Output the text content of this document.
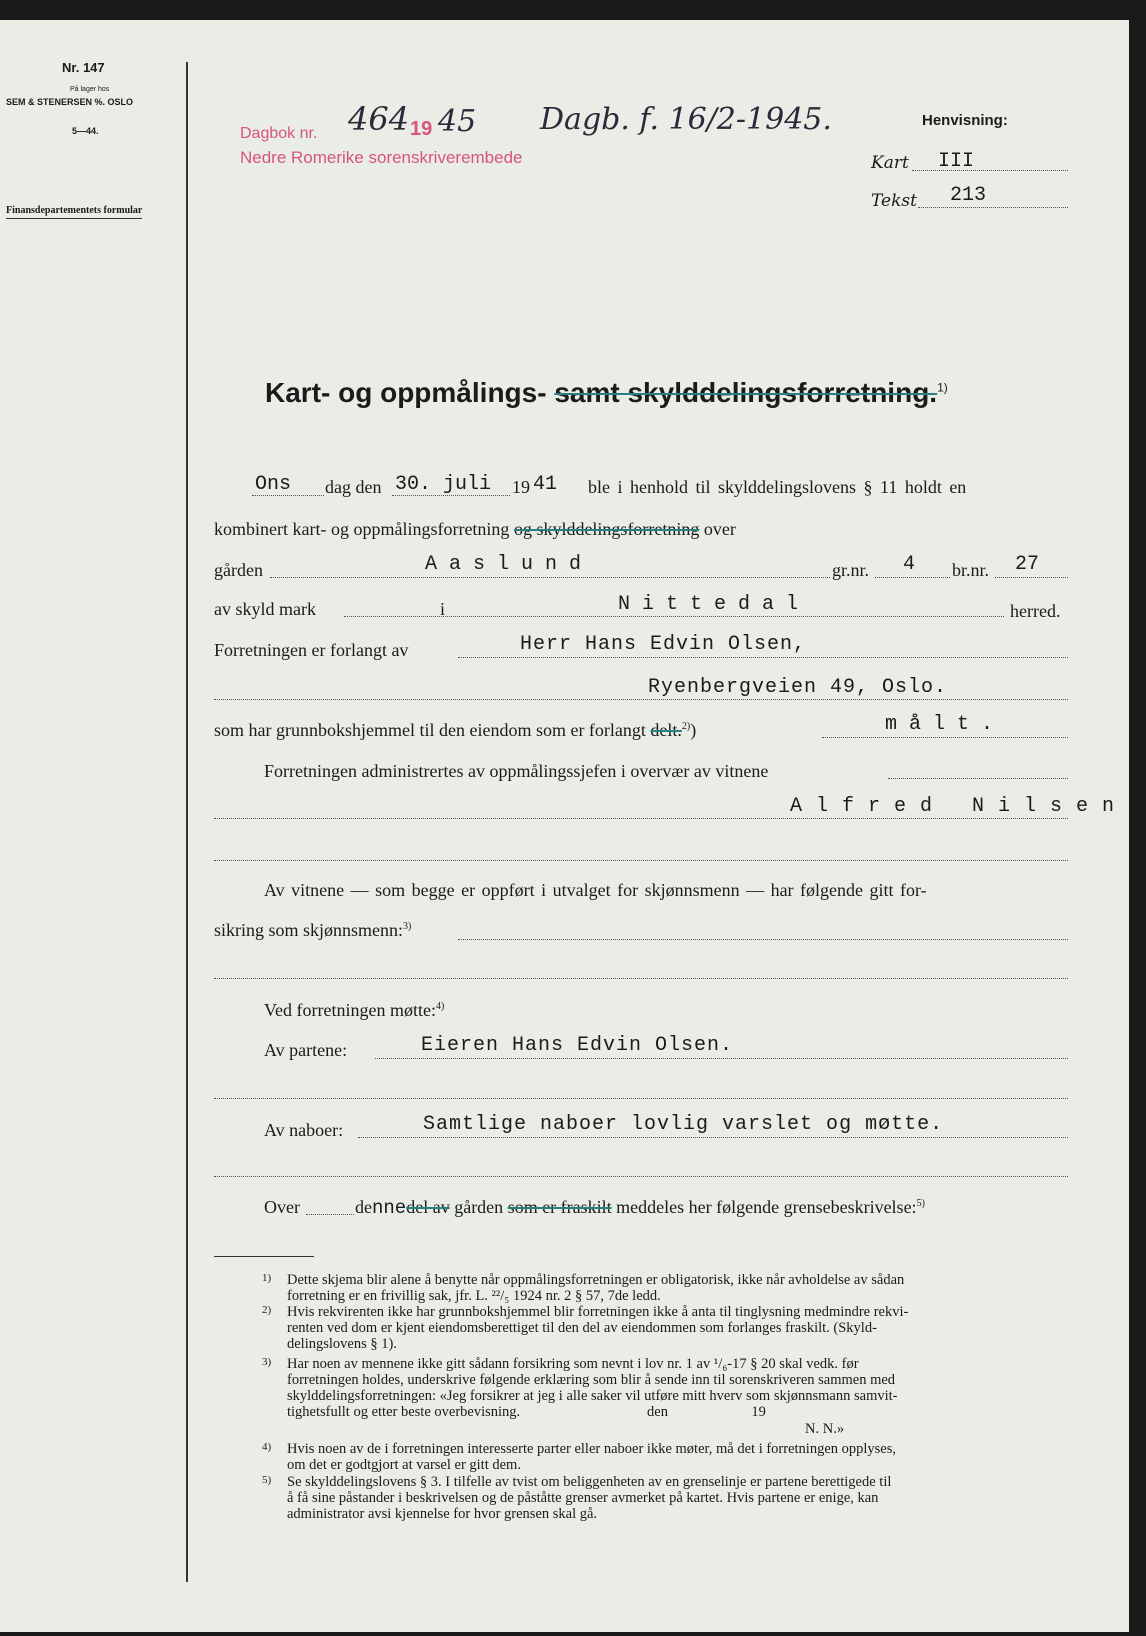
Nr. 147
På lager hos
SEM & STENERSEN %. OSLO
5—44.
Finansdepartementets formular
Dagbok nr. 464 19 45
Nedre Romerike sorenskriverembede
Dagb. f. 16/2-1945.	Henvisning:
Kart III
Tekst 213
Kart- og oppmålings- samt skylddelingsforretning.$^{1)}$
Ons dag den 30. juli 19 41 ble i henhold til skylddelingslovens § 11 holdt en
kombinert kart- og oppmålingsforretning og skylddelingsforretning over
gården	Aaslund	gr.nr. 4 br.nr. 27
av skyld mark	i	Nittedal	herred.
Forretningen er forlangt av	Herr Hans Edvin Olsen,
Ryenbergveien 49, Oslo.
som har grunnbokshjemmel til den eiendom som er forlangt delt.$^{2)}$)	målt.
Forretningen administrertes av oppmålingssjefen i overvær av vitnene
Alfred Nilsen
Av vitnene — som begge er oppført i utvalget for skjønnsmenn — har følgende gitt for-
sikring som skjønnsmenn:$^{3)}$
Ved forretningen møtte:$^{4)}$
Av partene:	Eieren Hans Edvin Olsen.
Av naboer:	Samtlige naboer lovlig varslet og møtte.
Over	dennedel av gården som er fraskilt meddeles her følgende grensebeskrivelse:$^{5)}$
1) Dette skjema blir alene å benytte når oppmålingsforretningen er obligatorisk, ikke når avholdelse av sådan
forretning er en frivillig sak, jfr. L. ²²/₅ 1924 nr. 2 § 57, 7de ledd.
2) Hvis rekvirenten ikke har grunnbokshjemmel blir forretningen ikke å anta til tinglysning medmindre rekvi-
renten ved dom er kjent eiendomsberettiget til den del av eiendommen som forlanges fraskilt. (Skyld-
delingslovens § 1).
3) Har noen av mennene ikke gitt sådann forsikring som nevnt i lov nr. 1 av ¹/₆-17 § 20 skal vedk. før
forretningen holdes, underskrive følgende erklæring som blir å sende inn til sorenskriveren sammen med
skylddelingsforretningen: «Jeg forsikrer at jeg i alle saker vil utføre mitt hverv som skjønnsmann samvit-
tighetsfullt og etter beste overbevisning.                                   den                       19
N. N.»
4) Hvis noen av de i forretningen interesserte parter eller naboer ikke møter, må det i forretningen opplyses,
om det er godtgjort at varsel er gitt dem.
5) Se skylddelingslovens § 3. I tilfelle av tvist om beliggenheten av en grenselinje er partene berettigede til
å få sine påstander i beskrivelsen og de påståtte grenser avmerket på kartet. Hvis partene er enige, kan
administrator avsi kjennelse for hvor grensen skal gå.
